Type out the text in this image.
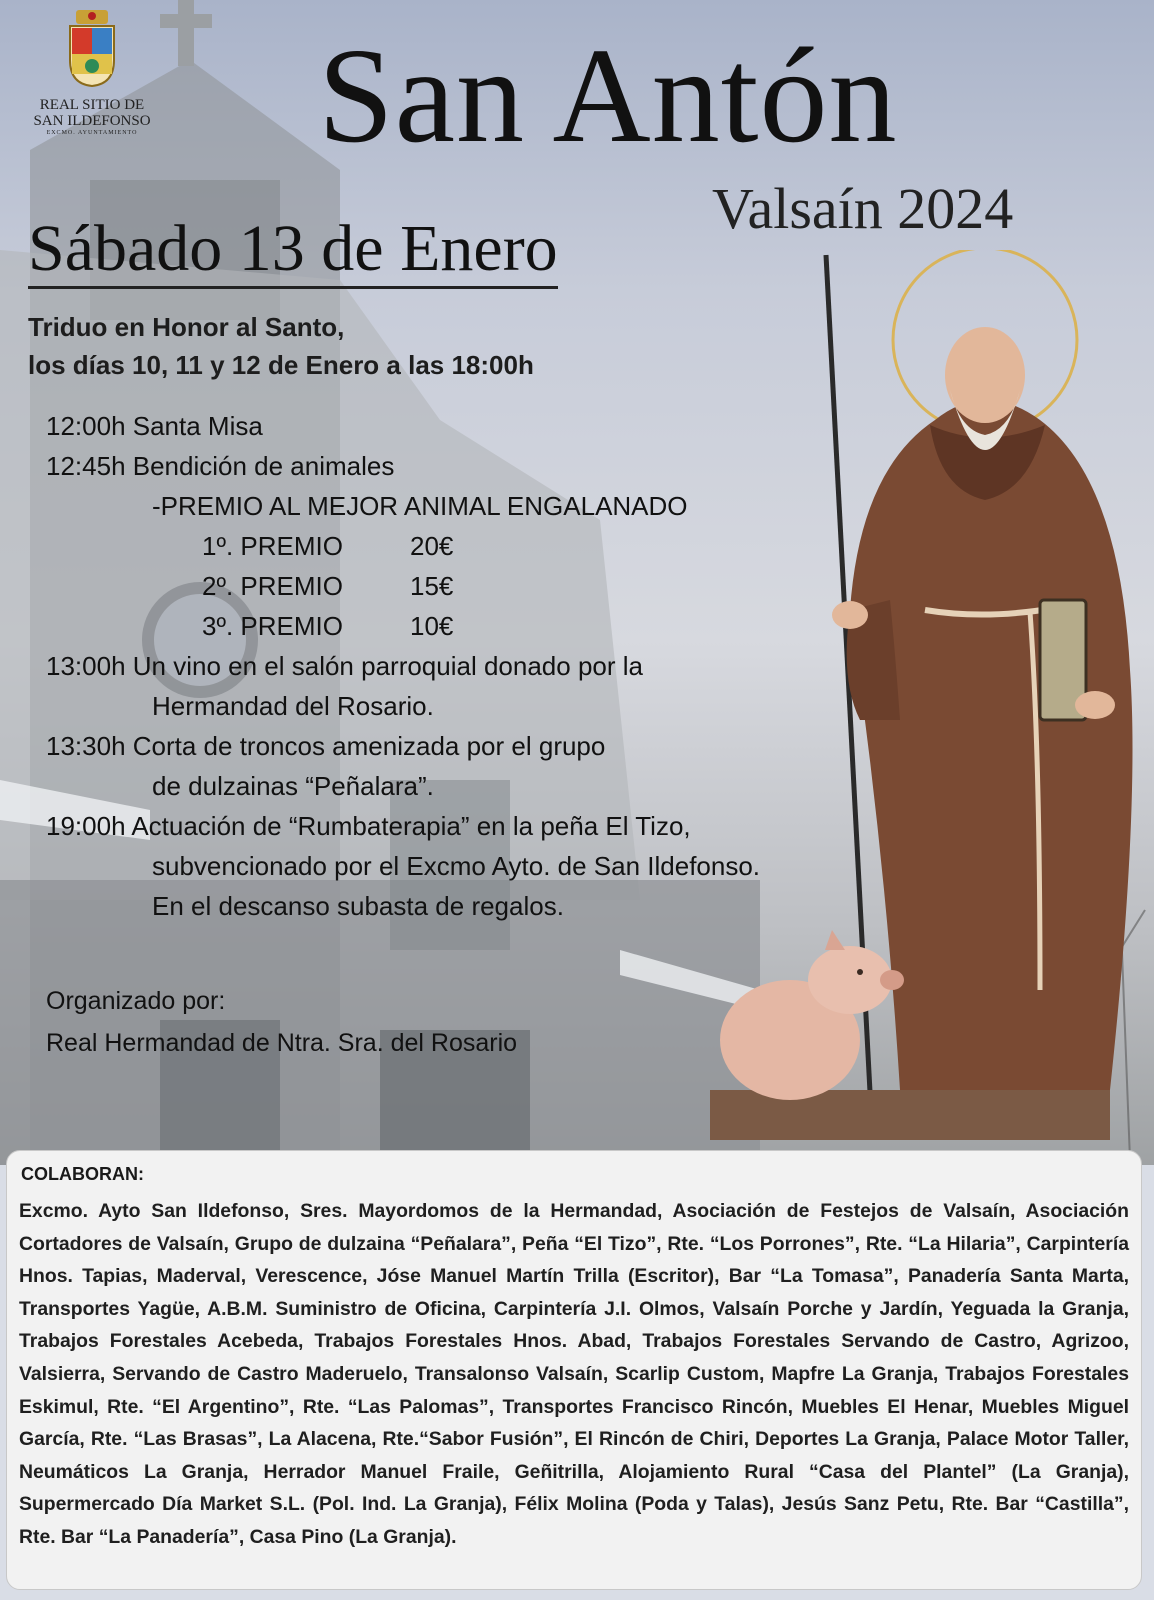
REAL SITIO DE
SAN ILDEFONSO
EXCMO. AYUNTAMIENTO San Antón
Valsaín 2024
Sábado 13 de Enero
Triduo en Honor al Santo,
los días 10, 11 y 12 de Enero a las 18:00h
12:00h Santa Misa
12:45h Bendición de animales
-PREMIO AL MEJOR ANIMAL ENGALANADO
1º. PREMIO	20€
2º. PREMIO	15€
3º. PREMIO	10€
13:00h Un vino en el salón parroquial donado por la
Hermandad del Rosario.
13:30h Corta de troncos amenizada por el grupo
de dulzainas “Peñalara”.
19:00h Actuación de “Rumbaterapia” en la peña El Tizo,
subvencionado por el Excmo Ayto. de San Ildefonso.
En el descanso subasta de regalos.
Organizado por:
Real Hermandad de Ntra. Sra. del Rosario
COLABORAN:

Excmo. Ayto San Ildefonso, Sres. Mayordomos de la Hermandad, Asociación de Festejos de Valsaín, Asociación Cortadores de Valsaín, Grupo de dulzaina “Peñalara”, Peña “El Tizo”, Rte. “Los Porrones”, Rte. “La Hilaria”, Carpintería Hnos. Tapias, Maderval, Verescence, Jóse Manuel Martín Trilla (Escritor), Bar “La Tomasa”, Panadería Santa Marta, Transportes Yagüe, A.B.M. Suministro de Oficina, Carpintería J.I. Olmos, Valsaín Porche y Jardín, Yeguada la Granja, Trabajos Forestales Acebeda, Trabajos Forestales Hnos. Abad, Trabajos Forestales Servando de Castro, Agrizoo, Valsierra, Servando de Castro Maderuelo, Transalonso Valsaín, Scarlip Custom, Mapfre La Granja, Trabajos Forestales Eskimul, Rte. “El Argentino”, Rte. “Las Palomas”, Transportes Francisco Rincón, Muebles El Henar, Muebles Miguel García, Rte. “Las Brasas”, La Alacena, Rte.“Sabor Fusión”, El Rincón de Chiri, Deportes La Granja, Palace Motor Taller, Neumáticos La Granja, Herrador Manuel Fraile, Geñitrilla, Alojamiento Rural “Casa del Plantel” (La Granja), Supermercado Día Market S.L. (Pol. Ind. La Granja), Félix Molina (Poda y Talas), Jesús Sanz Petu, Rte. Bar “Castilla”, Rte. Bar “La Panadería”, Casa Pino (La Granja).
